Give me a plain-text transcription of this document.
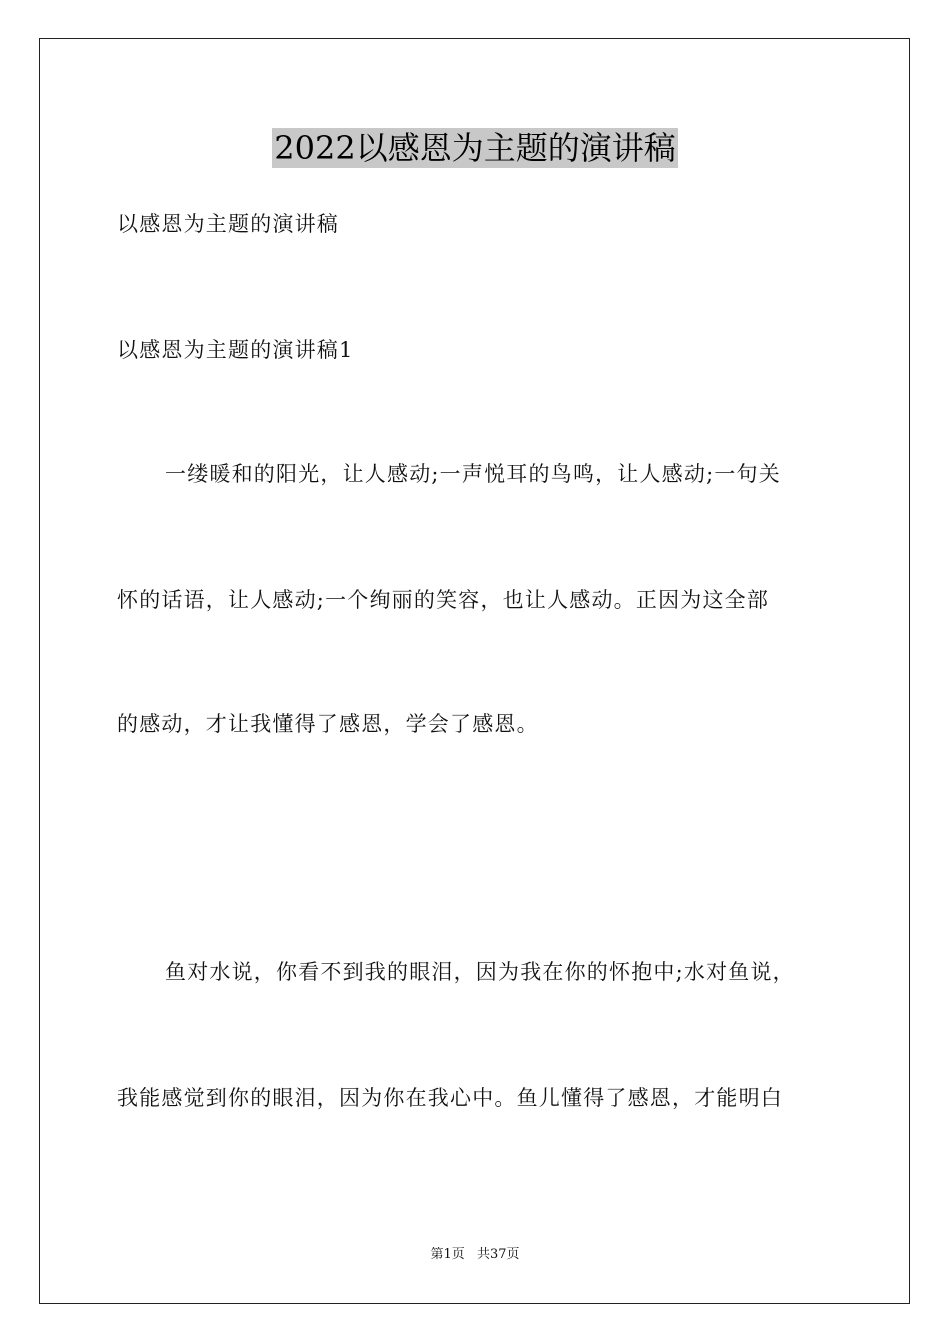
2022以感恩为主题的演讲稿
以感恩为主题的演讲稿
以感恩为主题的演讲稿1
一缕暖和的阳光，让人感动;一声悦耳的鸟鸣，让人感动;一句关
怀的话语，让人感动;一个绚丽的笑容，也让人感动。正因为这全部
的感动，才让我懂得了感恩，学会了感恩。
鱼对水说，你看不到我的眼泪，因为我在你的怀抱中;水对鱼说，
我能感觉到你的眼泪，因为你在我心中。鱼儿懂得了感恩，才能明白
第1页 共37页
